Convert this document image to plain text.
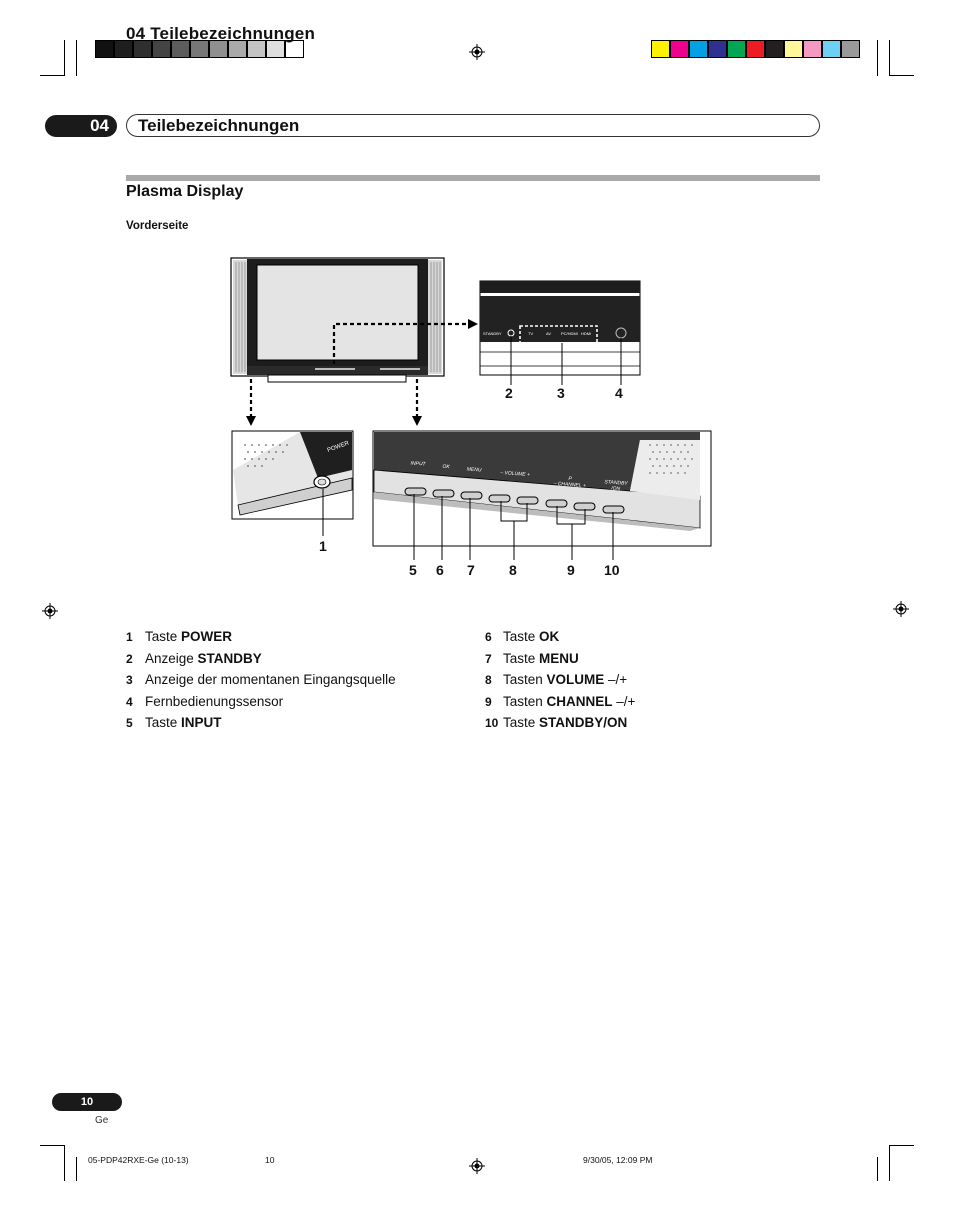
04 Teilebezeichnungen
04	Teilebezeichnungen
Plasma Display
Vorderseite
STANDBY	TV	AV PC/HDMI HDMI
POWER
INPUT	OK	MENU	– VOLUME +
P– CHANNEL +	STANDBY/ON
1
2	3	4
5 6 7 8	9 10
1 Taste POWER
2 Anzeige STANDBY
3 Anzeige der momentanen Eingangsquelle
4 Fernbedienungssensor
5 Taste INPUT
6 Taste OK
7 Taste MENU
8 Tasten VOLUME –/+
9 Tasten CHANNEL –/+
10 Taste STANDBY/ON
10
Ge
05-PDP42RXE-Ge (10-13)	10	9/30/05, 12:09 PM
